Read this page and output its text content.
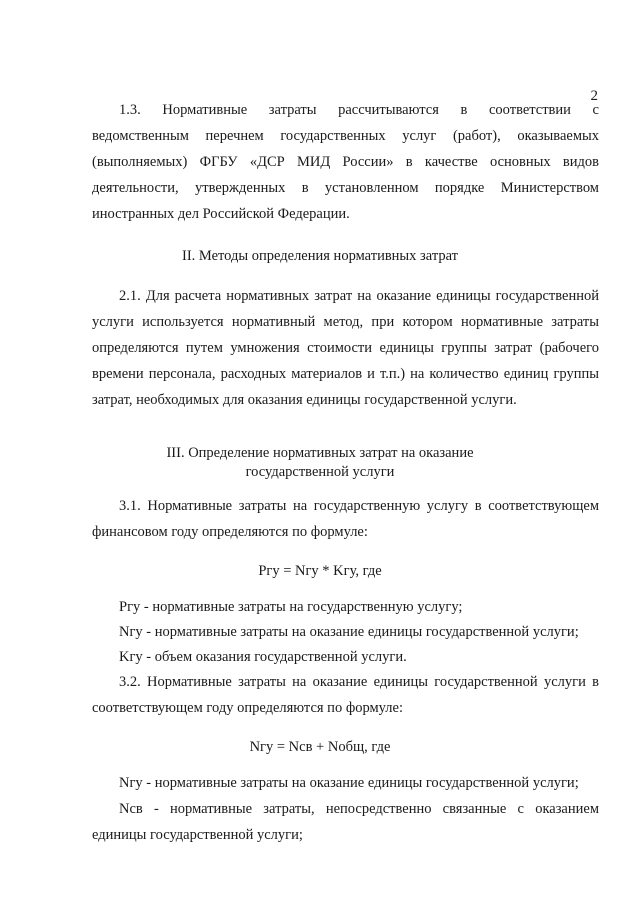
2
1.3. Нормативные затраты рассчитываются в соответствии с
ведомственным перечнем государственных услуг (работ), оказываемых
(выполняемых) ФГБУ «ДСР МИД России» в качестве основных видов
деятельности, утвержденных в установленном порядке Министерством
иностранных дел Российской Федерации.
II. Методы определения нормативных затрат
2.1. Для расчета нормативных затрат на оказание единицы государственной
услуги используется нормативный метод, при котором нормативные затраты
определяются путем умножения стоимости единицы группы затрат (рабочего
времени персонала, расходных материалов и т.п.) на количество единиц группы
затрат, необходимых для оказания единицы государственной услуги.
III. Определение нормативных затрат на оказание
государственной услуги
3.1. Нормативные затраты на государственную услугу в соответствующем
финансовом году определяются по формуле:
Ргу = Nгу * Kгу, где
Ргу - нормативные затраты на государственную услугу;
Nгу - нормативные затраты на оказание единицы государственной услуги;
Kгу - объем оказания государственной услуги.
3.2. Нормативные затраты на оказание единицы государственной услуги в
соответствующем году определяются по формуле:
Nгу = Nсв + Nобщ, где
Nгу - нормативные затраты на оказание единицы государственной услуги;
Nсв - нормативные затраты, непосредственно связанные с оказанием
единицы государственной услуги;
